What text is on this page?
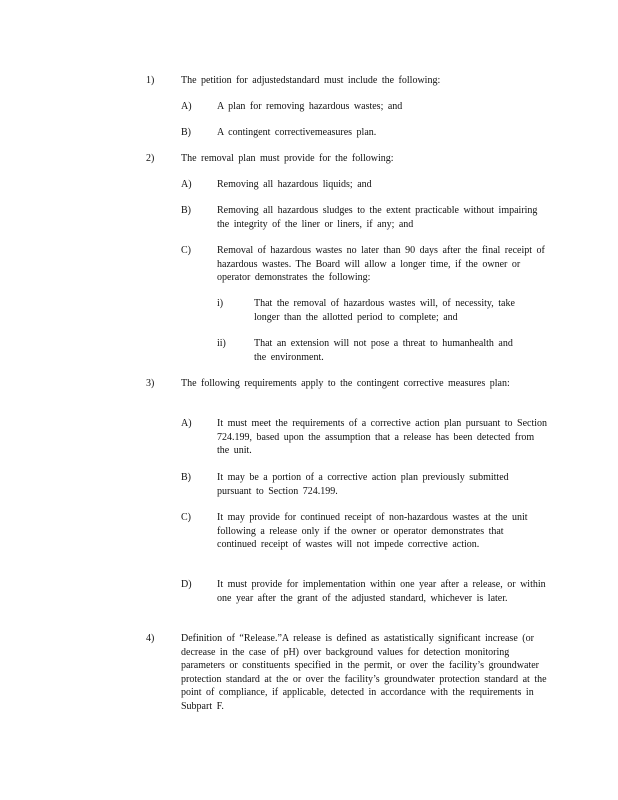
1)	The petition for adjustedstandard must include the following:
A)	A plan for removing hazardous wastes; and
B)	A contingent correctivemeasures plan.
2)	The removal plan must provide for the following:
A)	Removing all hazardous liquids; and
B)	Removing all hazardous sludges to the extent practicable without impairing the integrity of the liner or liners, if any; and
C)	Removal of hazardous wastes no later than 90 days after the final receipt of hazardous wastes. The Board will allow a longer time, if the owner or operator demonstrates the following:
i)	That the removal of hazardous wastes will, of necessity, take longer than the allotted period to complete; and
ii)	That an extension will not pose a threat to humanhealth and the environment.
3)	The following requirements apply to the contingent corrective measures plan:
A)	It must meet the requirements of a corrective action plan pursuant to Section 724.199, based upon the assumption that a release has been detected from the unit.
B)	It may be a portion of a corrective action plan previously submitted pursuant to Section 724.199.
C)	It may provide for continued receipt of non-hazardous wastes at the unit following a release only if the owner or operator demonstrates that continued receipt of wastes will not impede corrective action.
D)	It must provide for implementation within one year after a release, or within one year after the grant of the adjusted standard, whichever is later.
4)	Definition of “Release.”A release is defined as astatistically significant increase (or decrease in the case of pH) over background values for detection monitoring parameters or constituents specified in the permit, or over the facility’s groundwater protection standard at the or over the facility’s groundwater protection standard at the point of compliance, if applicable, detected in accordance with the requirements in Subpart F.
